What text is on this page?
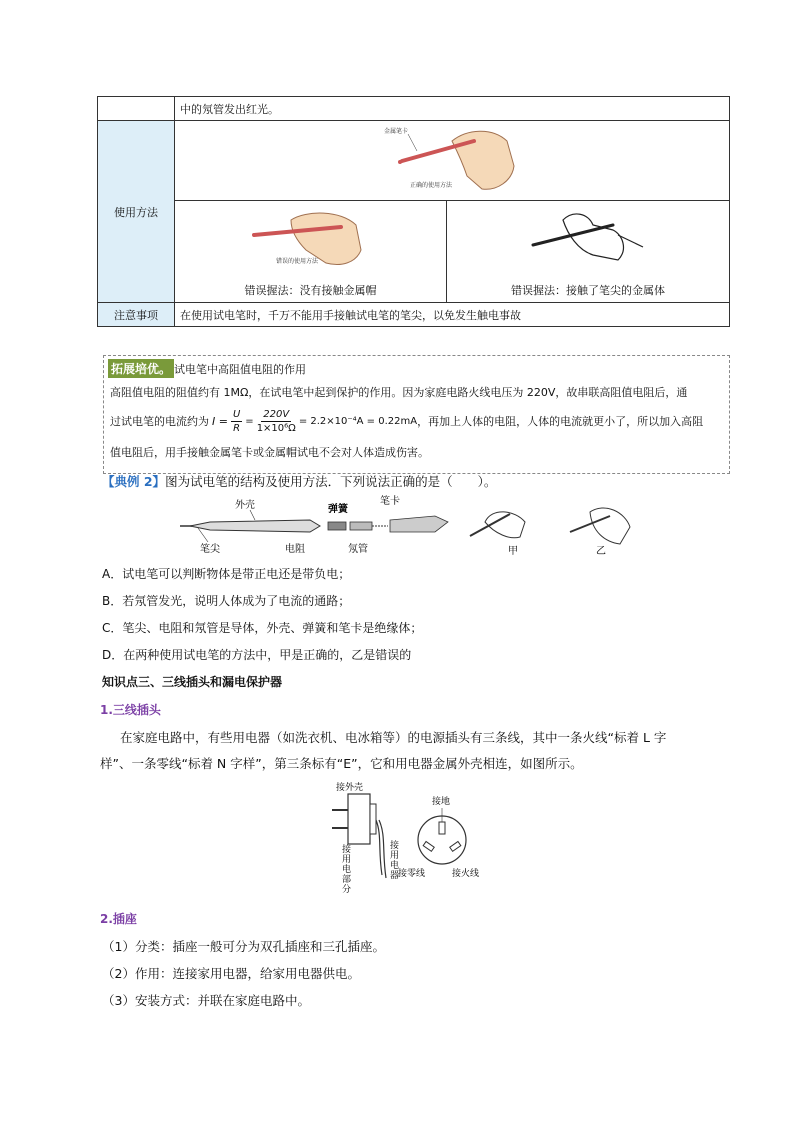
	中的氖管发出红光。	

使用方法	金属笔卡
正确的使用方法	

错误的使用方法
错误握法：没有接触金属帽	错误握法：接触了笔尖的金属体

注意事项	在使用试电笔时，千万不能用手接触试电笔的笔尖，以免发生触电事故	
拓展培优。 试电笔中高阻值电阻的作用
高阻值电阻的阻值约有 1MΩ，在试电笔中起到保护的作用。因为家庭电路火线电压为 220V，故串联高阻值电阻后，通
过试电笔的电流约为 $I = \frac{U}{R} = \frac{220V}{\text{1×10⁶Ω}} = 2.2\times 10^{-4}A = 0.22mA$ ，再加上人体的电阻，人体的电流就更小了，所以加入高阻
值电阻后，用手接触金属笔卡或金属帽试电不会对人体造成伤害。
【典例 2】图为试电笔的结构及使用方法．下列说法正确的是（　　）。
外壳
笔尖	电阻
弹簧
氖管
笔卡
甲	乙
A．试电笔可以判断物体是带正电还是带负电；
B．若氖管发光，说明人体成为了电流的通路；
C．笔尖、电阻和氖管是导体，外壳、弹簧和笔卡是绝缘体；
D．在两种使用试电笔的方法中，甲是正确的，乙是错误的
知识点三、三线插头和漏电保护器
1.三线插头
在家庭电路中，有些用电器（如洗衣机、电冰箱等）的电源插头有三条线，其中一条火线“标着 L 字
样”、一条零线“标着 N 字样”，第三条标有“E”，它和用电器金属外壳相连，如图所示。
接外壳
接用电部分
接用电器
接地
接零线	接火线
2.插座
（1）分类：插座一般可分为双孔插座和三孔插座。
（2）作用：连接家用电器，给家用电器供电。
（3）安装方式：并联在家庭电路中。
